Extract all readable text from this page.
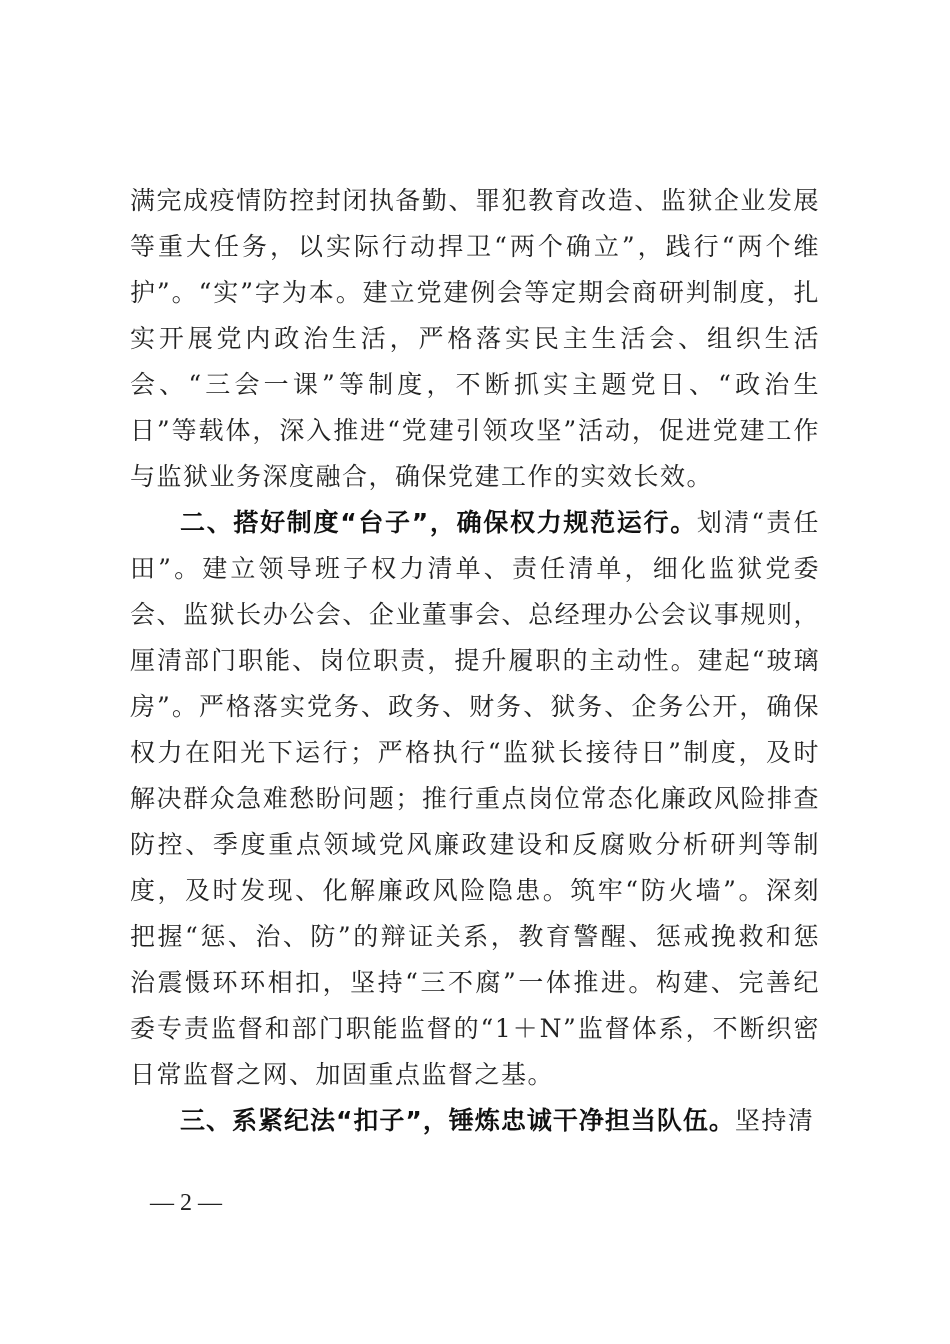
满完成疫情防控封闭执备勤、罪犯教育改造、监狱企业发展等重大任务，以实际行动捍卫“两个确立”，践行“两个维护”。“实”字为本。建立党建例会等定期会商研判制度，扎实开展党内政治生活，严格落实民主生活会、组织生活会、“三会一课”等制度，不断抓实主题党日、“政治生日”等载体，深入推进“党建引领攻坚”活动，促进党建工作与监狱业务深度融合，确保党建工作的实效长效。

二、搭好制度“台子”，确保权力规范运行。划清“责任田”。建立领导班子权力清单、责任清单，细化监狱党委会、监狱长办公会、企业董事会、总经理办公会议事规则，厘清部门职能、岗位职责，提升履职的主动性。建起“玻璃房”。严格落实党务、政务、财务、狱务、企务公开，确保权力在阳光下运行；严格执行“监狱长接待日”制度，及时解决群众急难愁盼问题；推行重点岗位常态化廉政风险排查防控、季度重点领域党风廉政建设和反腐败分析研判等制度，及时发现、化解廉政风险隐患。筑牢“防火墙”。深刻把握“惩、治、防”的辩证关系，教育警醒、惩戒挽救和惩治震慑环环相扣，坚持“三不腐”一体推进。构建、完善纪委专责监督和部门职能监督的“1＋N”监督体系，不断织密日常监督之网、加固重点监督之基。

三、系紧纪法“扣子”，锤炼忠诚干净担当队伍。坚持清

— 2 —
